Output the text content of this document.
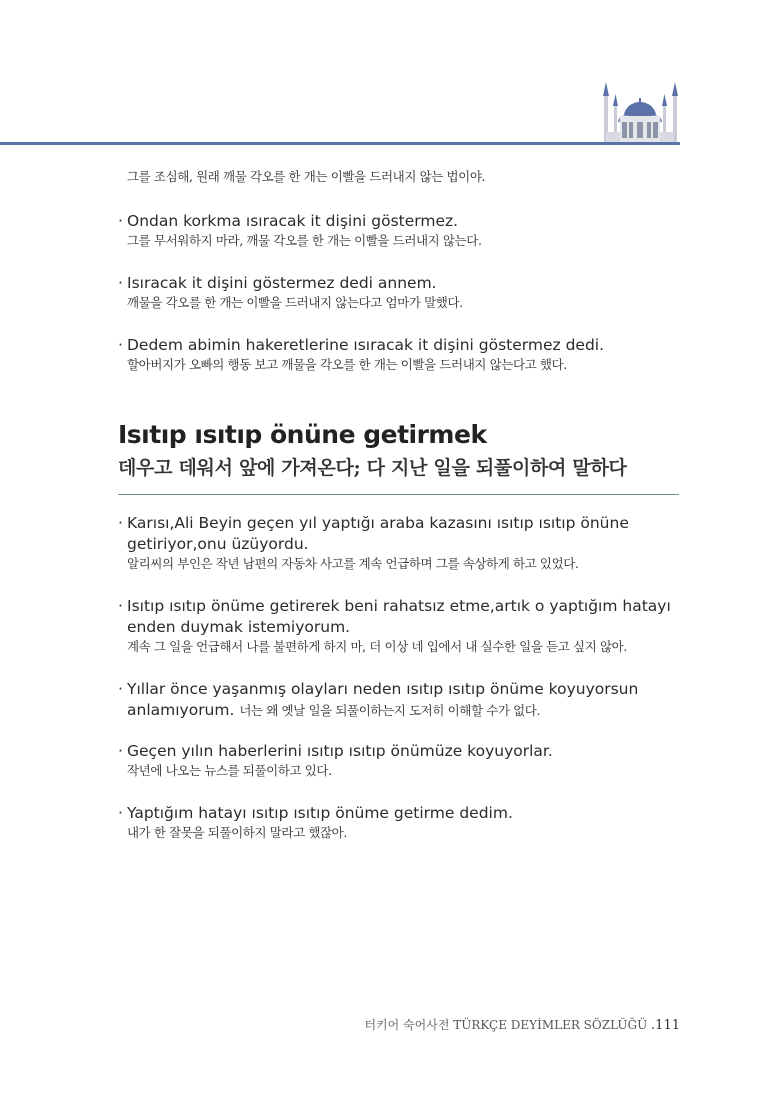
그를 조심해, 원래 깨물 각오를 한 개는 이빨을 드러내지 않는 법이야.
· Ondan korkma ısıracak it dişini göstermez.
그를 무서워하지 마라, 깨물 각오를 한 개는 이빨을 드러내지 않는다.
· Isıracak it dişini göstermez dedi annem.
깨물을 각오를 한 개는 이빨을 드러내지 않는다고 엄마가 말했다.
· Dedem abimin hakeretlerine ısıracak it dişini göstermez dedi.
할아버지가 오빠의 행동 보고 깨물을 각오를 한 개는 이빨을 드러내지 않는다고 했다.
Isıtıp ısıtıp önüne getirmek
데우고 데워서 앞에 가져온다; 다 지난 일을 되풀이하여 말하다
· Karısı,Ali Beyin geçen yıl yaptığı araba kazasını ısıtıp ısıtıp önüne
getiriyor,onu üzüyordu.
알리씨의 부인은 작년 남편의 자동차 사고를 계속 언급하며 그를 속상하게 하고 있었다.
· Isıtıp ısıtıp önüme getirerek beni rahatsız etme,artık o yaptığım hatayı
enden duymak istemiyorum.
계속 그 일을 언급해서 나를 불편하게 하지 마, 더 이상 네 입에서 내 실수한 일을 듣고 싶지 않아.
· Yıllar önce yaşanmış olayları neden ısıtıp ısıtıp önüme koyuyorsun
anlamıyorum. 너는 왜 옛날 일을 되풀이하는지 도저히 이해할 수가 없다.
· Geçen yılın haberlerini ısıtıp ısıtıp önümüze koyuyorlar.
작년에 나오는 뉴스를 되풀이하고 있다.
· Yaptığım hatayı ısıtıp ısıtıp önüme getirme dedim.
내가 한 잘못을 되풀이하지 말라고 했잖아.
터키어 숙어사전 TÜRKÇE DEYİMLER SÖZLÜĞÜ .111
